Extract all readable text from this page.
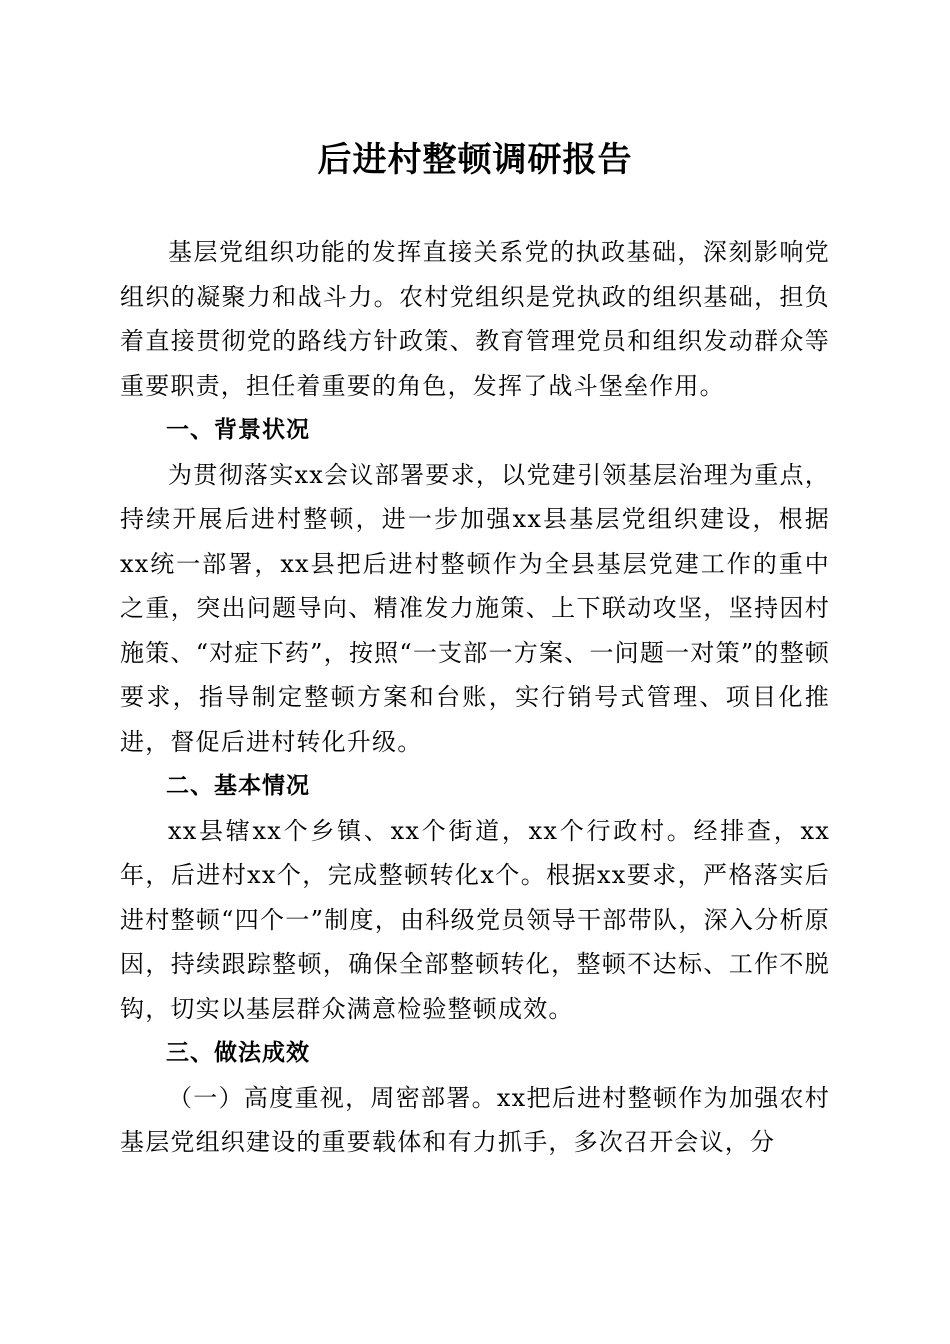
后进村整顿调研报告

基层党组织功能的发挥直接关系党的执政基础，深刻影响党组织的凝聚力和战斗力。农村党组织是党执政的组织基础，担负着直接贯彻党的路线方针政策、教育管理党员和组织发动群众等重要职责，担任着重要的角色，发挥了战斗堡垒作用。

一、背景状况

为贯彻落实xx会议部署要求，以党建引领基层治理为重点，持续开展后进村整顿，进一步加强xx县基层党组织建设，根据xx统一部署，xx县把后进村整顿作为全县基层党建工作的重中之重，突出问题导向、精准发力施策、上下联动攻坚，坚持因村施策、“对症下药”，按照“一支部一方案、一问题一对策”的整顿要求，指导制定整顿方案和台账，实行销号式管理、项目化推进，督促后进村转化升级。

二、基本情况

xx县辖xx个乡镇、xx个街道，xx个行政村。经排查，xx年，后进村xx个，完成整顿转化x个。根据xx要求，严格落实后进村整顿“四个一”制度，由科级党员领导干部带队，深入分析原因，持续跟踪整顿，确保全部整顿转化，整顿不达标、工作不脱钩，切实以基层群众满意检验整顿成效。

三、做法成效

（一）高度重视，周密部署。xx把后进村整顿作为加强农村基层党组织建设的重要载体和有力抓手，多次召开会议，分
